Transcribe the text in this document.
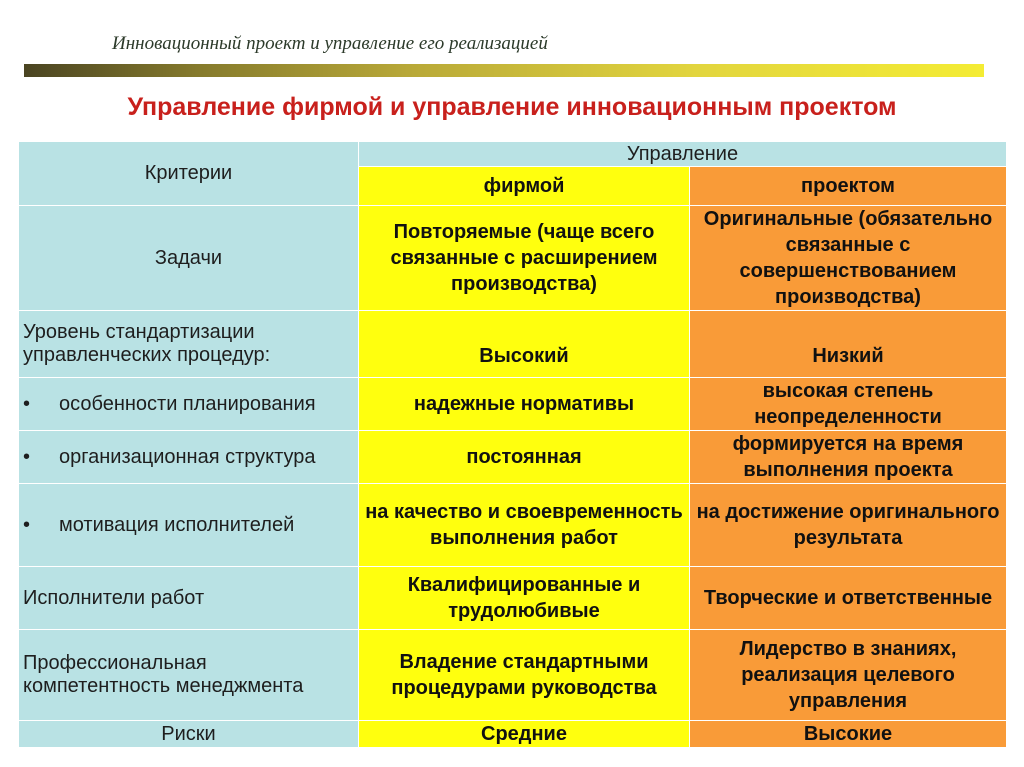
Инновационный проект и управление его реализацией
Управление фирмой и управление инновационным проектом
Критерии	Управление	
	фирмой	проектом
Задачи	Повторяемые (чаще всего связанные с расширением производства)	Оригинальные (обязательно связанные с совершенствованием производства)
Уровень стандартизации управленческих процедур:	Высокий	Низкий
• особенности планирования	надежные нормативы	высокая степень неопределенности
• организационная структура	постоянная	формируется на время выполнения проекта
• мотивация исполнителей	на качество и своевременность выполнения работ	на достижение оригинального результата
Исполнители работ	Квалифицированные и трудолюбивые	Творческие и ответственные
Профессиональная компетентность менеджмента	Владение стандартными процедурами руководства	Лидерство в знаниях, реализация целевого управления
Риски	Средние	Высокие
